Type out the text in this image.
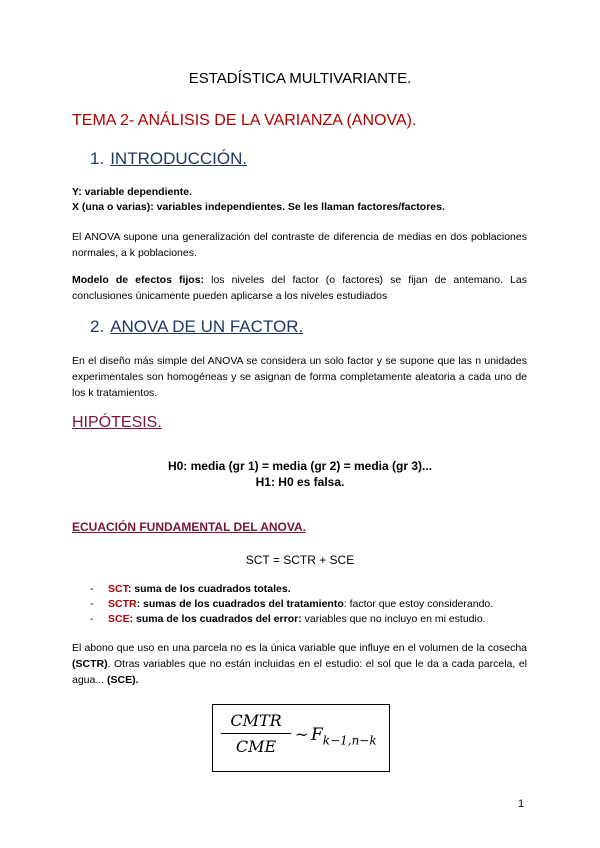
ESTADÍSTICA MULTIVARIANTE.
TEMA 2- ANÁLISIS DE LA VARIANZA (ANOVA).
1. INTRODUCCIÓN.
Y: variable dependiente.
X (una o varias): variables independientes. Se les llaman factores/factores.
El ANOVA supone una generalización del contraste de diferencia de medias en dos poblaciones normales, a k poblaciones.
Modelo de efectos fijos: los niveles del factor (o factores) se fijan de antemano. Las conclusiones únicamente pueden aplicarse a los niveles estudiados
2. ANOVA DE UN FACTOR.
En el diseño más simple del ANOVA se considera un solo factor y se supone que las n unidades experimentales son homogéneas y se asignan de forma completamente aleatoria a cada uno de los k tratamientos.
HIPÓTESIS.
H0: media (gr 1) = media (gr 2) = media (gr 3)...
H1: H0 es falsa.
ECUACIÓN FUNDAMENTAL DEL ANOVA.
SCT = SCTR + SCE
-	SCT: suma de los cuadrados totales.
-	SCTR: sumas de los cuadrados del tratamiento: factor que estoy considerando.
-	SCE: suma de los cuadrados del error: variables que no incluyo en mi estudio.
El abono que uso en una parcela no es la única variable que influye en el volumen de la cosecha (SCTR). Otras variables que no están incluidas en el estudio: el sol que le da a cada parcela, el agua... (SCE).
CMTR
CME
~ $F_{k-1,n-k}$
1
